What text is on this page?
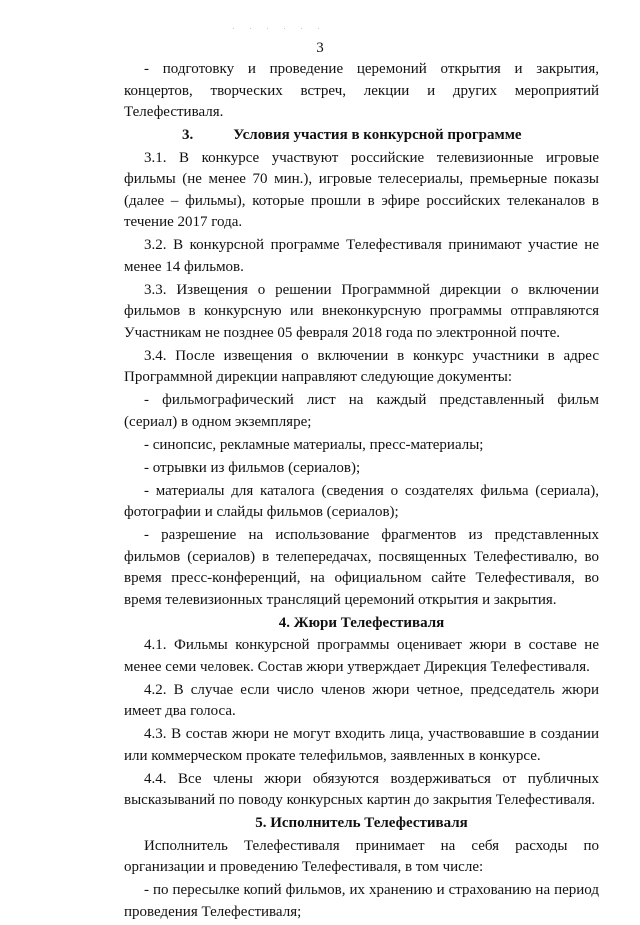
. . . . . .
3

- подготовку и проведение церемоний открытия и закрытия, концертов, творческих встреч, лекции и других мероприятий Телефестиваля.

3.	Условия участия в конкурсной программе

3.1. В конкурсе участвуют российские телевизионные игровые фильмы (не менее 70 мин.), игровые телесериалы, премьерные показы (далее – фильмы), которые прошли в эфире российских телеканалов в течение 2017 года.

3.2. В конкурсной программе Телефестиваля принимают участие не менее 14 фильмов.

3.3. Извещения о решении Программной дирекции о включении фильмов в конкурсную или внеконкурсную программы отправляются Участникам не позднее 05 февраля 2018 года по электронной почте.

3.4. После извещения о включении в конкурс участники в адрес Программной дирекции направляют следующие документы:

- фильмографический лист на каждый представленный фильм (сериал) в одном экземпляре;

- синопсис, рекламные материалы, пресс-материалы;

- отрывки из фильмов (сериалов);

- материалы для каталога (сведения о создателях фильма (сериала), фотографии и слайды фильмов (сериалов);

- разрешение на использование фрагментов из представленных фильмов (сериалов) в телепередачах, посвященных Телефестивалю, во время пресс-конференций, на официальном сайте Телефестиваля, во время телевизионных трансляций церемоний открытия и закрытия.

4. Жюри Телефестиваля

4.1. Фильмы конкурсной программы оценивает жюри в составе не менее семи человек. Состав жюри утверждает Дирекция Телефестиваля.

4.2. В случае если число членов жюри четное, председатель жюри имеет два голоса.

4.3. В состав жюри не могут входить лица, участвовавшие в создании или коммерческом прокате телефильмов, заявленных в конкурсе.

4.4. Все члены жюри обязуются воздерживаться от публичных высказываний по поводу конкурсных картин до закрытия Телефестиваля.

5. Исполнитель Телефестиваля

Исполнитель Телефестиваля принимает на себя расходы по организации и проведению Телефестиваля, в том числе:

- по пересылке копий фильмов, их хранению и страхованию на период проведения Телефестиваля;
